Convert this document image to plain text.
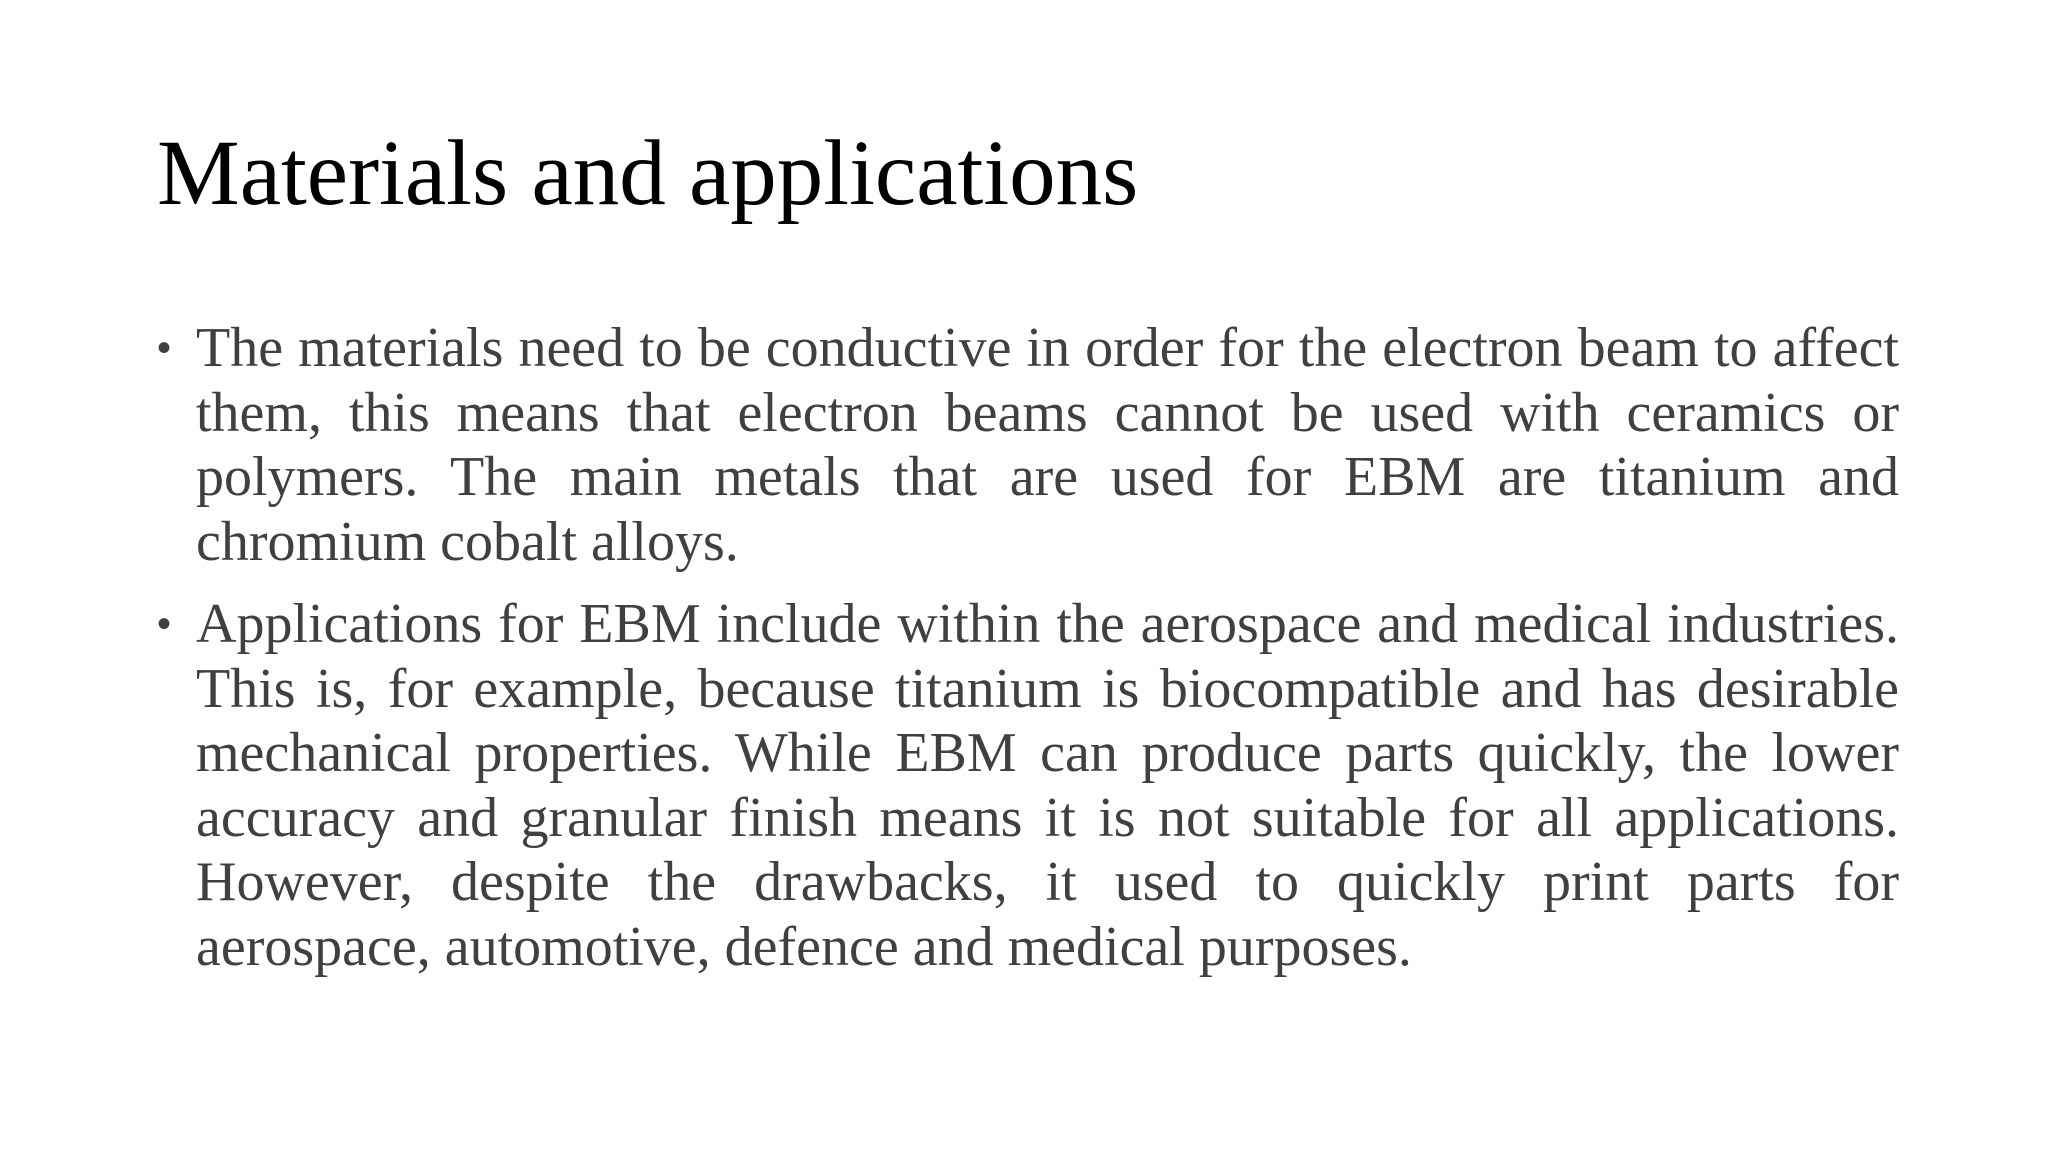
Materials and applications
• The materials need to be conductive in order for the electron beam to affect them, this means that electron beams cannot be used with ceramics or polymers. The main metals that are used for EBM are titanium and chromium cobalt alloys.
• Applications for EBM include within the aerospace and medical industries. This is, for example, because titanium is biocompatible and has desirable mechanical properties. While EBM can produce parts quickly, the lower accuracy and granular finish means it is not suitable for all applications. However, despite the drawbacks, it used to quickly print parts for aerospace, automotive, defence and medical purposes.
